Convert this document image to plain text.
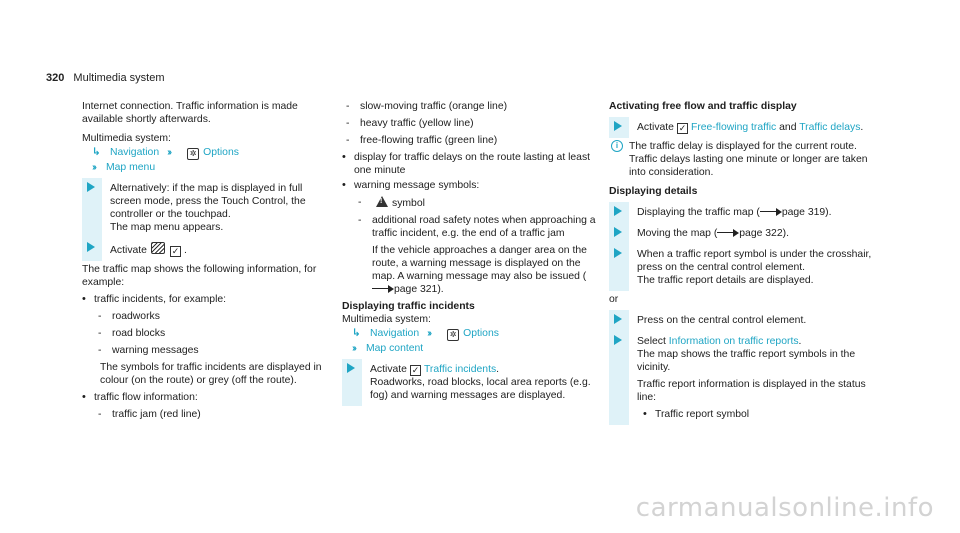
320 Multimedia system

Internet connection. Traffic information is made available shortly afterwards.

Multimedia system:

↳ Navigation ›› ✲ Options
›› Map menu
Alternatively: if the map is displayed in full screen mode, press the Touch Control, the controller or the touchpad.
The map menu appears.
Activate	✓ .

The traffic map shows the following information, for example:

• traffic incidents, for example:
- roadworks
- road blocks
- warning messages
The symbols for traffic incidents are displayed in colour (on the route) or grey (off the route).
• traffic flow information:
- traffic jam (red line)
- slow-moving traffic (orange line)
- heavy traffic (yellow line)
- free-flowing traffic (green line)
• display for traffic delays on the route lasting at least one minute
• warning message symbols:
!- symbol
- additional road safety notes when approaching a traffic incident, e.g. the end of a traffic jam
If the vehicle approaches a danger area on the route, a warning message is displayed on the map. A warning message may also be issued (page 321).
Displaying traffic incidents

Multimedia system:

↳ Navigation ›› ✲ Options
›› Map content
Activate ✓ Traffic incidents.
Roadworks, road blocks, local area reports (e.g. fog) and warning messages are displayed.
Activating free flow and traffic display
Activate ✓ Free-flowing traffic and Traffic delays.
i	The traffic delay is displayed for the current route. Traffic delays lasting one minute or longer are taken into consideration.
Displaying details
Displaying the traffic map ( page 319).
Moving the map ( page 322).
When a traffic report symbol is under the crosshair, press on the central control element.
The traffic report details are displayed.
or
Press on the central control element.
Select Information on traffic reports.
The map shows the traffic report symbols in the vicinity.
Traffic report information is displayed in the status line:
• Traffic report symbol
carmanualsonline.info
